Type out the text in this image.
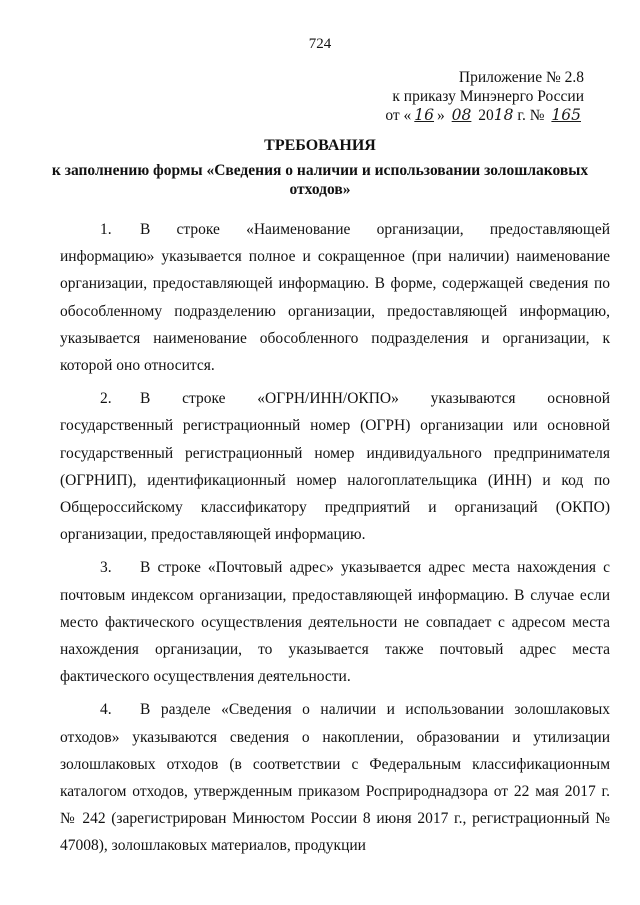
724
Приложение № 2.8
к приказу Минэнерго России
от « 16 » 08 2018 г. № 165
ТРЕБОВАНИЯ
к заполнению формы «Сведения о наличии и использовании золошлаковых отходов»

1. В строке «Наименование организации, предоставляющей информацию» указывается полное и сокращенное (при наличии) наименование организации, предоставляющей информацию. В форме, содержащей сведения по обособленному подразделению организации, предоставляющей информацию, указывается наименование обособленного подразделения и организации, к которой оно относится.

2. В строке «ОГРН/ИНН/ОКПО» указываются основной государственный регистрационный номер (ОГРН) организации или основной государственный регистрационный номер индивидуального предпринимателя (ОГРНИП), идентификационный номер налогоплательщика (ИНН) и код по Общероссийскому классификатору предприятий и организаций (ОКПО) организации, предоставляющей информацию.

3. В строке «Почтовый адрес» указывается адрес места нахождения с почтовым индексом организации, предоставляющей информацию. В случае если место фактического осуществления деятельности не совпадает с адресом места нахождения организации, то указывается также почтовый адрес места фактического осуществления деятельности.

4. В разделе «Сведения о наличии и использовании золошлаковых отходов» указываются сведения о накоплении, образовании и утилизации золошлаковых отходов (в соответствии с Федеральным классификационным каталогом отходов, утвержденным приказом Росприроднадзора от 22 мая 2017 г. № 242 (зарегистрирован Минюстом России 8 июня 2017 г., регистрационный № 47008), золошлаковых материалов, продукции
